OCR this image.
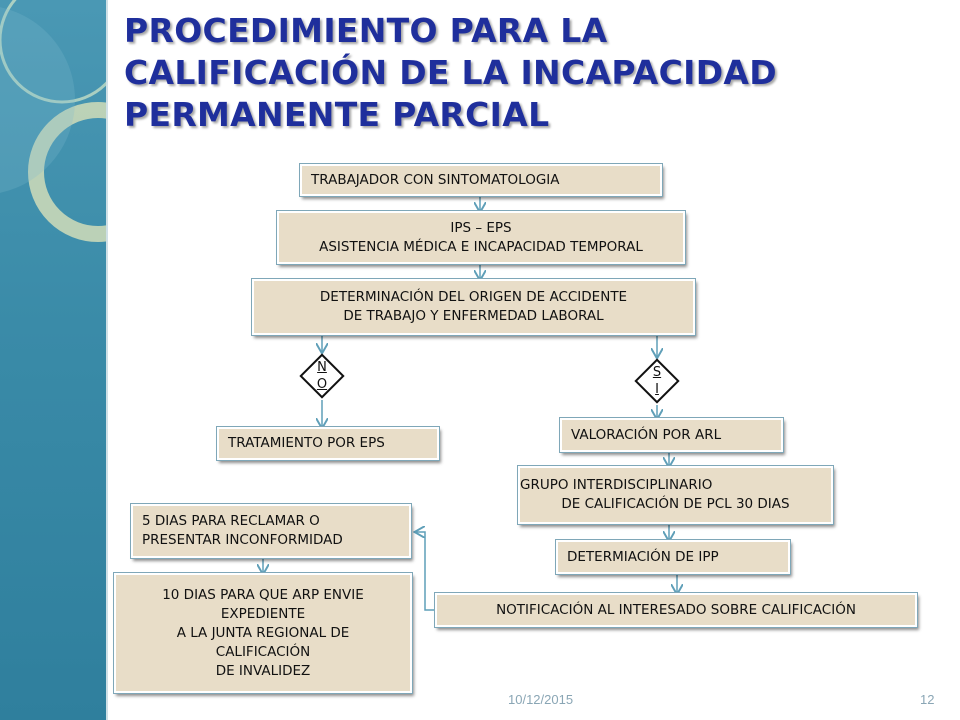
PROCEDIMIENTO PARA LA
CALIFICACIÓN DE LA INCAPACIDAD
PERMANENTE PARCIAL
TRABAJADOR CON SINTOMATOLOGIA
IPS – EPS
ASISTENCIA MÉDICA E INCAPACIDAD TEMPORAL
DETERMINACIÓN DEL ORIGEN DE ACCIDENTE
DE TRABAJO Y ENFERMEDAD LABORAL
N
O
S
I
TRATAMIENTO POR EPS
VALORACIÓN POR ARL
GRUPO INTERDISCIPLINARIO
DE CALIFICACIÓN DE PCL 30 DIAS
DETERMIACIÓN DE IPP
NOTIFICACIÓN AL INTERESADO SOBRE CALIFICACIÓN
5 DIAS PARA RECLAMAR O
PRESENTAR INCONFORMIDAD
10 DIAS PARA QUE ARP ENVIE
EXPEDIENTE
A LA JUNTA REGIONAL DE
CALIFICACIÓN
DE INVALIDEZ
10/12/2015	12
